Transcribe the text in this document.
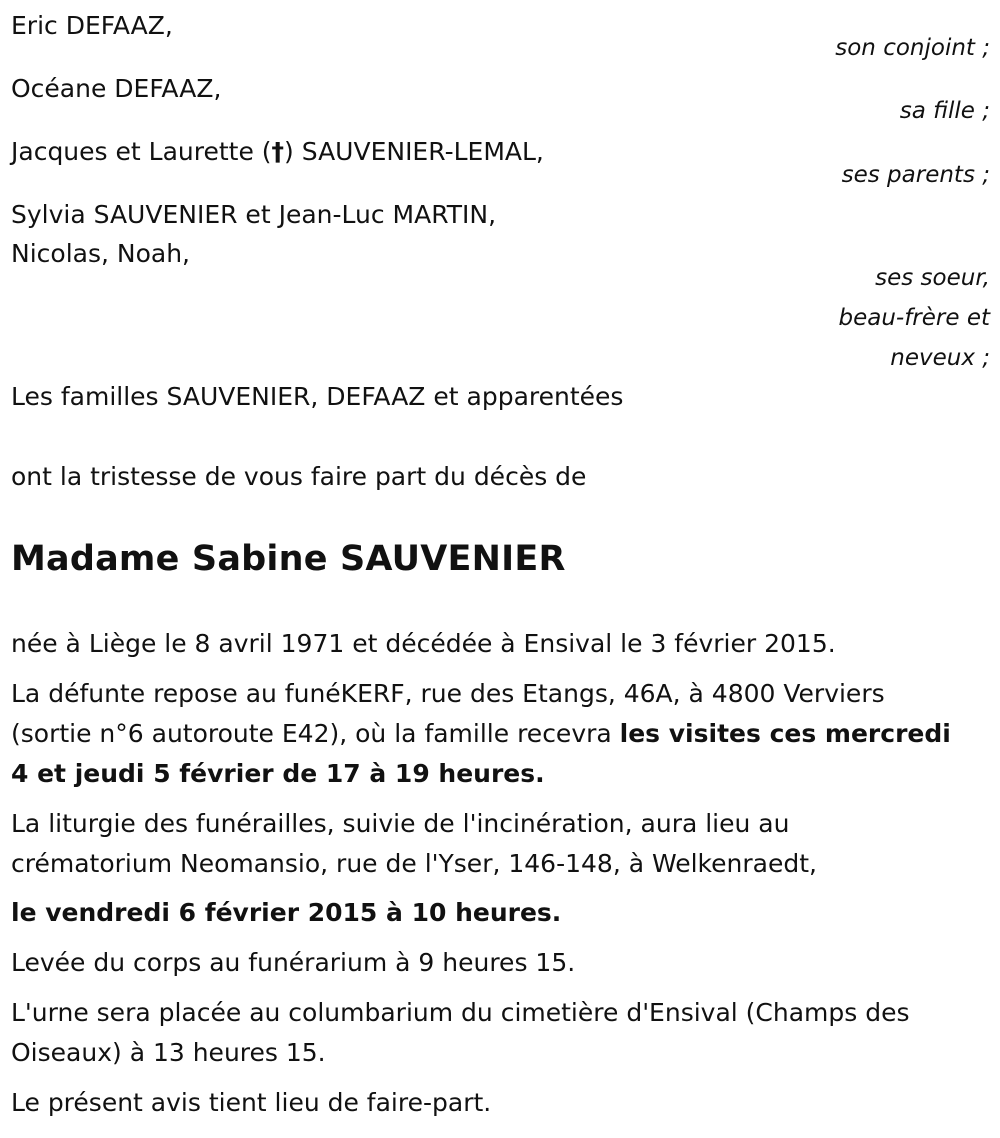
Eric DEFAAZ,
son conjoint ;
Océane DEFAAZ,
sa fille ;
Jacques et Laurette (†) SAUVENIER-LEMAL,
ses parents ;
Sylvia SAUVENIER et Jean-Luc MARTIN,
Nicolas, Noah,
ses soeur,
beau-frère et
neveux ;
Les familles SAUVENIER, DEFAAZ et apparentées
ont la tristesse de vous faire part du décès de
Madame Sabine SAUVENIER
née à Liège le 8 avril 1971 et décédée à Ensival le 3 février 2015.
La défunte repose au funéKERF, rue des Etangs, 46A, à 4800 Verviers
(sortie n°6 autoroute E42), où la famille recevra les visites ces mercredi
4 et jeudi 5 février de 17 à 19 heures.
La liturgie des funérailles, suivie de l'incinération, aura lieu au
crématorium Neomansio, rue de l'Yser, 146-148, à Welkenraedt,
le vendredi 6 février 2015 à 10 heures.
Levée du corps au funérarium à 9 heures 15.
L'urne sera placée au columbarium du cimetière d'Ensival (Champs des
Oiseaux) à 13 heures 15.
Le présent avis tient lieu de faire-part.
